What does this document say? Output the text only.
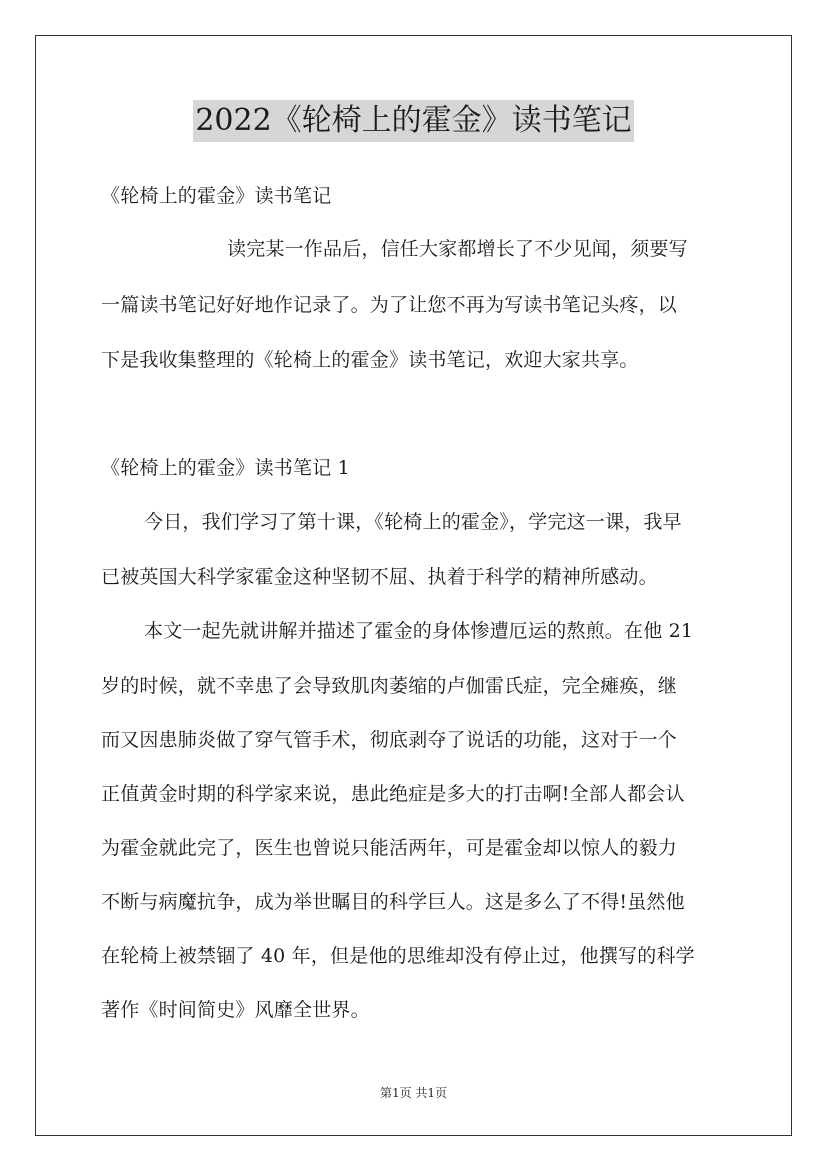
2022《轮椅上的霍金》读书笔记
《轮椅上的霍金》读书笔记
读完某一作品后，信任大家都增长了不少见闻，须要写
一篇读书笔记好好地作记录了。为了让您不再为写读书笔记头疼，以
下是我收集整理的《轮椅上的霍金》读书笔记，欢迎大家共享。
《轮椅上的霍金》读书笔记 1
今日，我们学习了第十课，《轮椅上的霍金》，学完这一课，我早
已被英国大科学家霍金这种坚韧不屈、执着于科学的精神所感动。
本文一起先就讲解并描述了霍金的身体惨遭厄运的熬煎。在他 21
岁的时候，就不幸患了会导致肌肉萎缩的卢伽雷氏症，完全瘫痪，继
而又因患肺炎做了穿气管手术，彻底剥夺了说话的功能，这对于一个
正值黄金时期的科学家来说，患此绝症是多大的打击啊!全部人都会认
为霍金就此完了，医生也曾说只能活两年，可是霍金却以惊人的毅力
不断与病魔抗争，成为举世瞩目的科学巨人。这是多么了不得!虽然他
在轮椅上被禁锢了 40 年，但是他的思维却没有停止过，他撰写的科学
著作《时间简史》风靡全世界。
第1页 共1页
